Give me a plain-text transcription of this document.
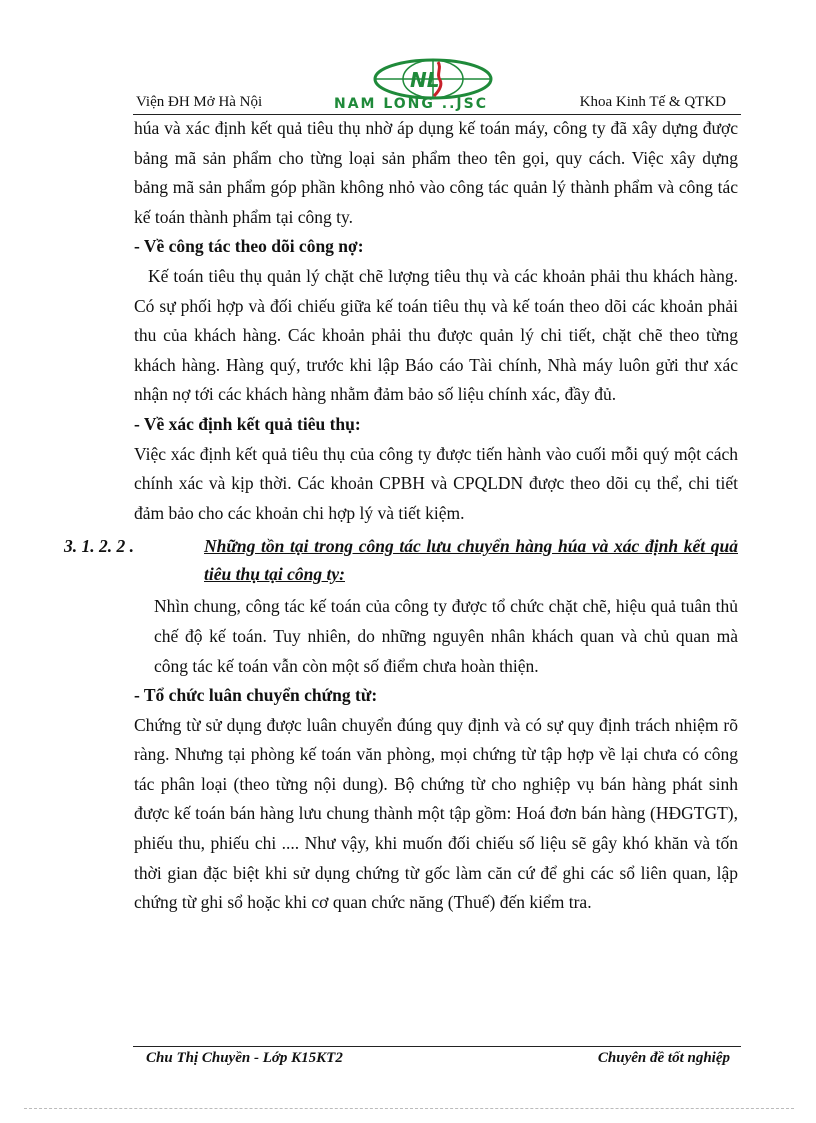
Viện ĐH Mở Hà Nội
NL
NAM LONG ..JSC	Khoa Kinh Tế & QTKD

húa và xác định kết quả tiêu thụ nhờ áp dụng kế toán máy, công ty đã xây dựng được bảng mã sản phẩm cho từng loại sản phẩm theo tên gọi, quy cách. Việc xây dựng bảng mã sản phẩm góp phần không nhỏ vào công tác quản lý thành phẩm và công tác kế toán thành phẩm tại công ty.

- Về công tác theo dõi công nợ:

Kế toán tiêu thụ quản lý chặt chẽ lượng tiêu thụ và các khoản phải thu khách hàng. Có sự phối hợp và đối chiếu giữa kế toán tiêu thụ và kế toán theo dõi các khoản phải thu của khách hàng. Các khoản phải thu được quản lý chi tiết, chặt chẽ theo từng khách hàng. Hàng quý, trước khi lập Báo cáo Tài chính, Nhà máy luôn gửi thư xác nhận nợ tới các khách hàng nhằm đảm bảo số liệu chính xác, đầy đủ.

- Về xác định kết quả tiêu thụ:

Việc xác định kết quả tiêu thụ của công ty được tiến hành vào cuối mỗi quý một cách chính xác và kịp thời. Các khoản CPBH và CPQLDN được theo dõi cụ thể, chi tiết đảm bảo cho các khoản chi hợp lý và tiết kiệm.

3. 1. 2. 2 .	Những tồn tại trong công tác lưu chuyển hàng húa và xác định kết quả tiêu thụ tại công ty:

Nhìn chung, công tác kế toán của công ty được tổ chức chặt chẽ, hiệu quả tuân thủ chế độ kế toán. Tuy nhiên, do những nguyên nhân khách quan và chủ quan mà công tác kế toán vẫn còn một số điểm chưa hoàn thiện.

- Tổ chức luân chuyển chứng từ:

Chứng từ sử dụng được luân chuyển đúng quy định và có sự quy định trách nhiệm rõ ràng. Nhưng tại phòng kế toán văn phòng, mọi chứng từ tập hợp về lại chưa có công tác phân loại (theo từng nội dung). Bộ chứng từ cho nghiệp vụ bán hàng phát sinh được kế toán bán hàng lưu chung thành một tập gồm: Hoá đơn bán hàng (HĐGTGT), phiếu thu, phiếu chi .... Như vậy, khi muốn đối chiếu số liệu sẽ gây khó khăn và tốn thời gian đặc biệt khi sử dụng chứng từ gốc làm căn cứ để ghi các sổ liên quan, lập chứng từ ghi sổ hoặc khi cơ quan chức năng (Thuế) đến kiểm tra.

Chu Thị Chuyền - Lớp K15KT2	Chuyên đề tốt nghiệp
